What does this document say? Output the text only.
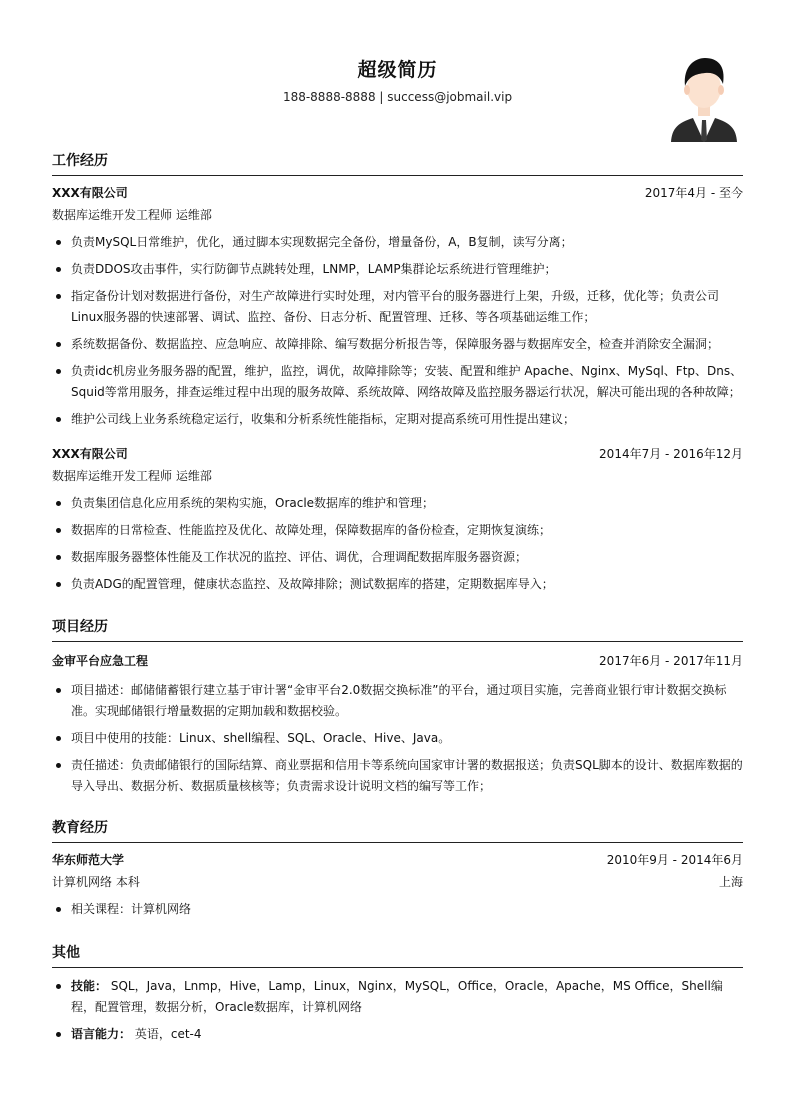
超级简历
188-8888-8888 | success@jobmail.vip
工作经历
XXX有限公司	2017年4月 - 至今
数据库运维开发工程师 运维部
负责MySQL日常维护，优化，通过脚本实现数据完全备份，增量备份，A，B复制，读写分离；
负责DDOS攻击事件，实行防御节点跳转处理，LNMP，LAMP集群论坛系统进行管理维护；
指定备份计划对数据进行备份，对生产故障进行实时处理，对内管平台的服务器进行上架，升级，迁移，优化等；负责公司Linux服务器的快速部署、调试、监控、备份、日志分析、配置管理、迁移、等各项基础运维工作；
系统数据备份、数据监控、应急响应、故障排除、编写数据分析报告等，保障服务器与数据库安全，检查并消除安全漏洞；
负责idc机房业务服务器的配置，维护，监控，调优，故障排除等；安装、配置和维护 Apache、Nginx、MySql、Ftp、Dns、Squid等常用服务，排查运维过程中出现的服务故障、系统故障、网络故障及监控服务器运行状况，解决可能出现的各种故障；
维护公司线上业务系统稳定运行，收集和分析系统性能指标，定期对提高系统可用性提出建议；
XXX有限公司	2014年7月 - 2016年12月
数据库运维开发工程师 运维部
负责集团信息化应用系统的架构实施，Oracle数据库的维护和管理；
数据库的日常检查、性能监控及优化、故障处理，保障数据库的备份检查，定期恢复演练；
数据库服务器整体性能及工作状况的监控、评估、调优，合理调配数据库服务器资源；
负责ADG的配置管理，健康状态监控、及故障排除；测试数据库的搭建，定期数据库导入；
项目经历
金审平台应急工程	2017年6月 - 2017年11月
项目描述：邮储储蓄银行建立基于审计署“金审平台2.0数据交换标准”的平台，通过项目实施，完善商业银行审计数据交换标准。实现邮储银行增量数据的定期加载和数据校验。
项目中使用的技能：Linux、shell编程、SQL、Oracle、Hive、Java。
责任描述：负责邮储银行的国际结算、商业票据和信用卡等系统向国家审计署的数据报送；负责SQL脚本的设计、数据库数据的导入导出、数据分析、数据质量核核等；负责需求设计说明文档的编写等工作；
教育经历
华东师范大学	2010年9月 - 2014年6月
计算机网络 本科	上海
相关课程：计算机网络
其他
技能： SQL，Java，Lnmp，Hive，Lamp，Linux，Nginx，MySQL，Office，Oracle，Apache，MS Office，Shell编程，配置管理，数据分析，Oracle数据库，计算机网络
语言能力： 英语，cet-4
